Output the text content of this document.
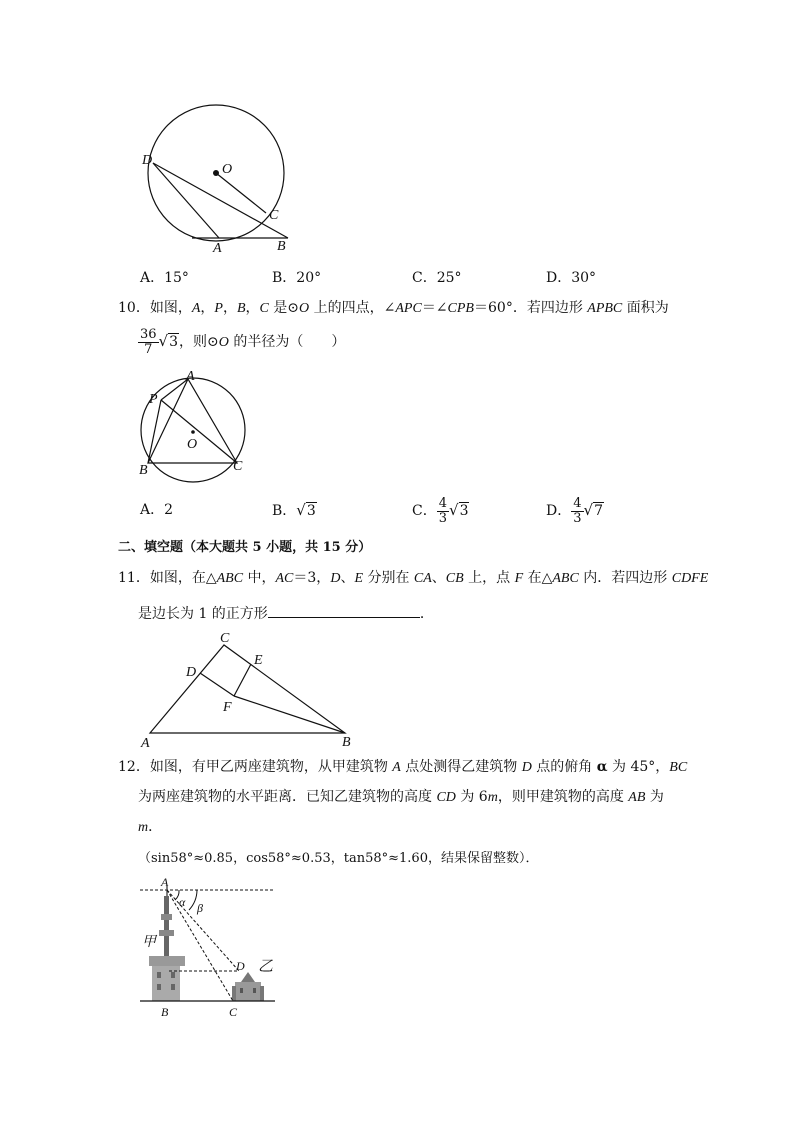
D
O
C
A	B
A．15°	B．20°	C．25°	D．30°
10．如图，A，P，B，C 是⊙O 上的四点，∠APC＝∠CPB＝60°．若四边形 APBC 面积为
$\frac{36}{7} √3$，则⊙O 的半径为（　　）
P
A
O
B	C
A．2	B．√3	C． $\frac{4}{3} √3$	D． $\frac{4}{3} √7$
二、填空题（本大题共 5 小题，共 15 分）
11．如图，在△ABC 中，AC＝3，D、E 分别在 CA、CB 上，点 F 在△ABC 内．若四边形 CDFE
是边长为 1 的正方形	．
C
E
D
F
A	B
12．如图，有甲乙两座建筑物，从甲建筑物 A 点处测得乙建筑物 D 点的俯角 α 为 45°，BC
为两座建筑物的水平距离．已知乙建筑物的高度 CD 为 6m，则甲建筑物的高度 AB 为
m．
（sin58°≈0.85，cos58°≈0.53，tan58°≈1.60，结果保留整数）．
A
α β
甲
D 乙
B	C
